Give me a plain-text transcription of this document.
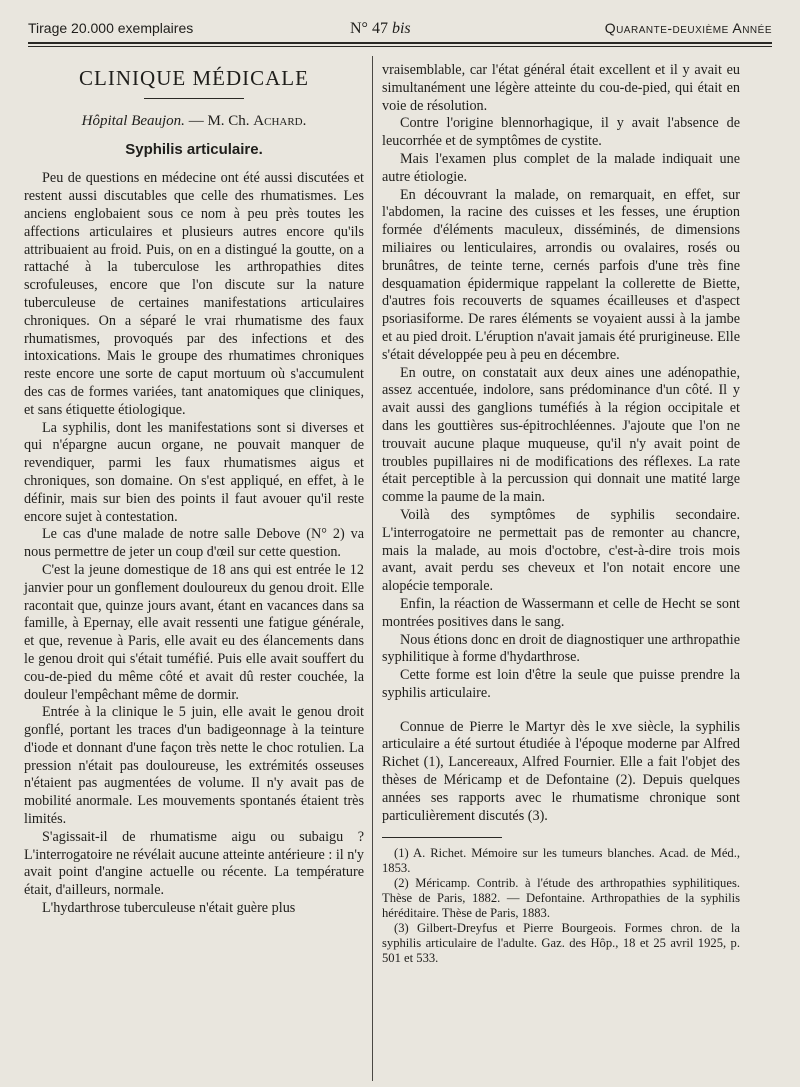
Tirage 20.000 exemplaires	N° 47 bis	Quarante-deuxième Année
CLINIQUE MÉDICALE
Hôpital Beaujon. — M. Ch. Achard.
Syphilis articulaire.

Peu de questions en médecine ont été aussi discutées et restent aussi discutables que celle des rhumatismes. Les anciens englobaient sous ce nom à peu près toutes les affections articulaires et plusieurs autres encore qu'ils attribuaient au froid. Puis, on en a distingué la goutte, on a rattaché à la tuberculose les arthropathies dites scrofuleuses, encore que l'on discute sur la nature tuberculeuse de certaines manifestations articulaires chroniques. On a séparé le vrai rhumatisme des faux rhumatismes, provoqués par des infections et des intoxications. Mais le groupe des rhumatimes chroniques reste encore une sorte de caput mortuum où s'accumulent des cas de formes variées, tant anatomiques que cliniques, et sans étiquette étiologique.

La syphilis, dont les manifestations sont si diverses et qui n'épargne aucun organe, ne pouvait manquer de revendiquer, parmi les faux rhumatismes aigus et chroniques, son domaine. On s'est appliqué, en effet, à le définir, mais sur bien des points il faut avouer qu'il reste encore sujet à contestation.

Le cas d'une malade de notre salle Debove (N° 2) va nous permettre de jeter un coup d'œil sur cette question.

C'est la jeune domestique de 18 ans qui est entrée le 12 janvier pour un gonflement douloureux du genou droit. Elle racontait que, quinze jours avant, étant en vacances dans sa famille, à Epernay, elle avait ressenti une fatigue générale, et que, revenue à Paris, elle avait eu des élancements dans le genou droit qui s'était tuméfié. Puis elle avait souffert du cou-de-pied du même côté et avait dû rester couchée, la douleur l'empêchant même de dormir.

Entrée à la clinique le 5 juin, elle avait le genou droit gonflé, portant les traces d'un badigeonnage à la teinture d'iode et donnant d'une façon très nette le choc rotulien. La pression n'était pas douloureuse, les extrémités osseuses n'étaient pas augmentées de volume. Il n'y avait pas de mobilité anormale. Les mouvements spontanés étaient très limités.

S'agissait-il de rhumatisme aigu ou subaigu ? L'interrogatoire ne révélait aucune atteinte antérieure : il n'y avait point d'angine actuelle ou récente. La température était, d'ailleurs, normale.

L'hydarthrose tuberculeuse n'était guère plus

vraisemblable, car l'état général était excellent et il y avait eu simultanément une légère atteinte du cou-de-pied, qui était en voie de résolution.

Contre l'origine blennorhagique, il y avait l'absence de leucorrhée et de symptômes de cystite.

Mais l'examen plus complet de la malade indiquait une autre étiologie.

En découvrant la malade, on remarquait, en effet, sur l'abdomen, la racine des cuisses et les fesses, une éruption formée d'éléments maculeux, disséminés, de dimensions miliaires ou lenticulaires, arrondis ou ovalaires, rosés ou brunâtres, de teinte terne, cernés parfois d'une très fine desquamation épidermique rappelant la collerette de Biette, d'autres fois recouverts de squames écailleuses et d'aspect psoriasiforme. De rares éléments se voyaient aussi à la jambe et au pied droit. L'éruption n'avait jamais été prurigineuse. Elle s'était développée peu à peu en décembre.

En outre, on constatait aux deux aines une adénopathie, assez accentuée, indolore, sans prédominance d'un côté. Il y avait aussi des ganglions tuméfiés à la région occipitale et dans les gouttières sus-épitrochléennes. J'ajoute que l'on ne trouvait aucune plaque muqueuse, qu'il n'y avait point de troubles pupillaires ni de modifications des réflexes. La rate était perceptible à la percussion qui donnait une matité large comme la paume de la main.

Voilà des symptômes de syphilis secondaire. L'interrogatoire ne permettait pas de remonter au chancre, mais la malade, au mois d'octobre, c'est-à-dire trois mois avant, avait perdu ses cheveux et l'on notait encore une alopécie temporale.

Enfin, la réaction de Wassermann et celle de Hecht se sont montrées positives dans le sang.

Nous étions donc en droit de diagnostiquer une arthropathie syphilitique à forme d'hydarthrose.

Cette forme est loin d'être la seule que puisse prendre la syphilis articulaire.

Connue de Pierre le Martyr dès le xve siècle, la syphilis articulaire a été surtout étudiée à l'époque moderne par Alfred Richet (1), Lancereaux, Alfred Fournier. Elle a fait l'objet des thèses de Méricamp et de Defontaine (2). Depuis quelques années ses rapports avec le rhumatisme chronique sont particulièrement discutés (3).

(1) A. Richet. Mémoire sur les tumeurs blanches. Acad. de Méd., 1853.

(2) Méricamp. Contrib. à l'étude des arthropathies syphilitiques. Thèse de Paris, 1882. — Defontaine. Arthropathies de la syphilis héréditaire. Thèse de Paris, 1883.

(3) Gilbert-Dreyfus et Pierre Bourgeois. Formes chron. de la syphilis articulaire de l'adulte. Gaz. des Hôp., 18 et 25 avril 1925, p. 501 et 533.
